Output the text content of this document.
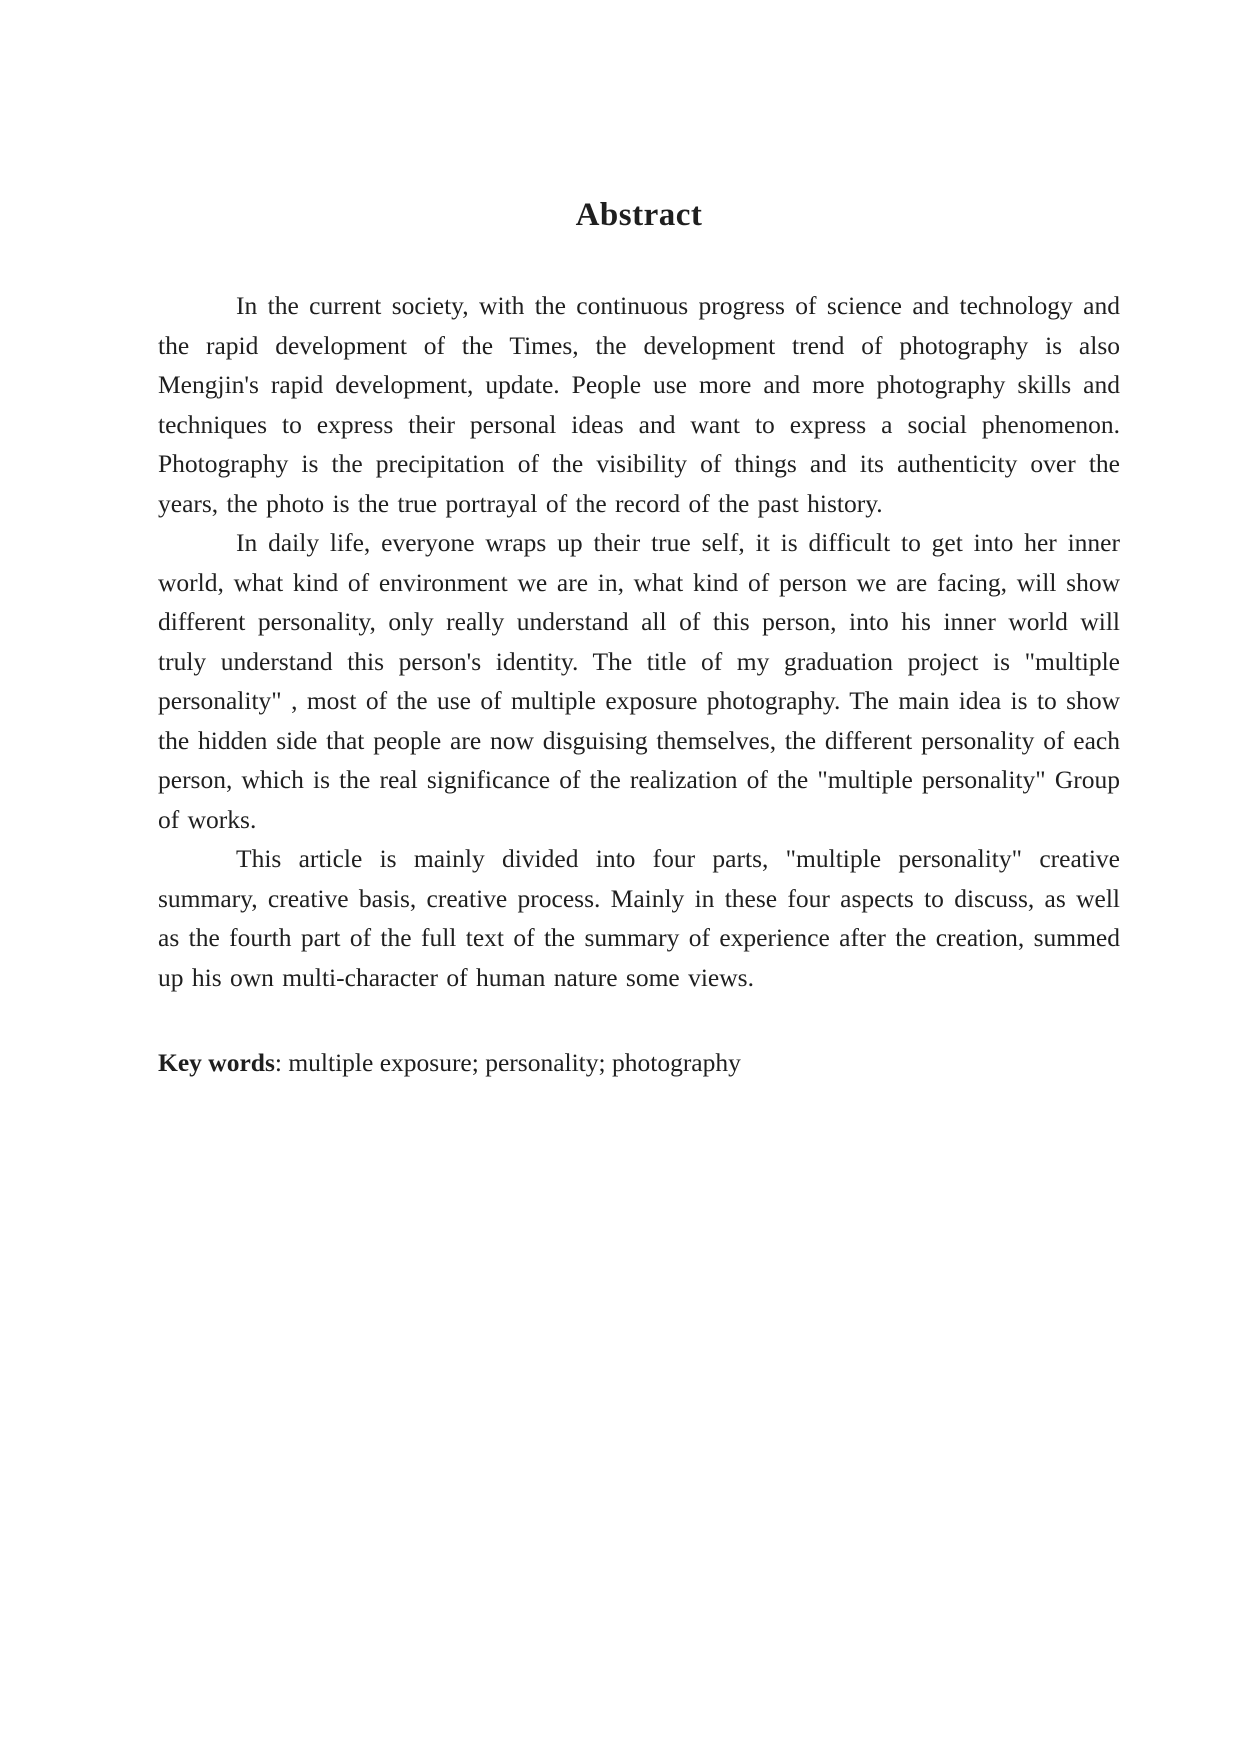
Abstract

In the current society, with the continuous progress of science and technology and the rapid development of the Times, the development trend of photography is also Mengjin's rapid development, update. People use more and more photography skills and techniques to express their personal ideas and want to express a social phenomenon. Photography is the precipitation of the visibility of things and its authenticity over the years, the photo is the true portrayal of the record of the past history.

In daily life, everyone wraps up their true self, it is difficult to get into her inner world, what kind of environment we are in, what kind of person we are facing, will show different personality, only really understand all of this person, into his inner world will truly understand this person's identity. The title of my graduation project is "multiple personality" , most of the use of multiple exposure photography. The main idea is to show the hidden side that people are now disguising themselves, the different personality of each person, which is the real significance of the realization of the "multiple personality" Group of works.

This article is mainly divided into four parts, "multiple personality" creative summary, creative basis, creative process. Mainly in these four aspects to discuss, as well as the fourth part of the full text of the summary of experience after the creation, summed up his own multi-character of human nature some views.

Key words: multiple exposure; personality; photography
